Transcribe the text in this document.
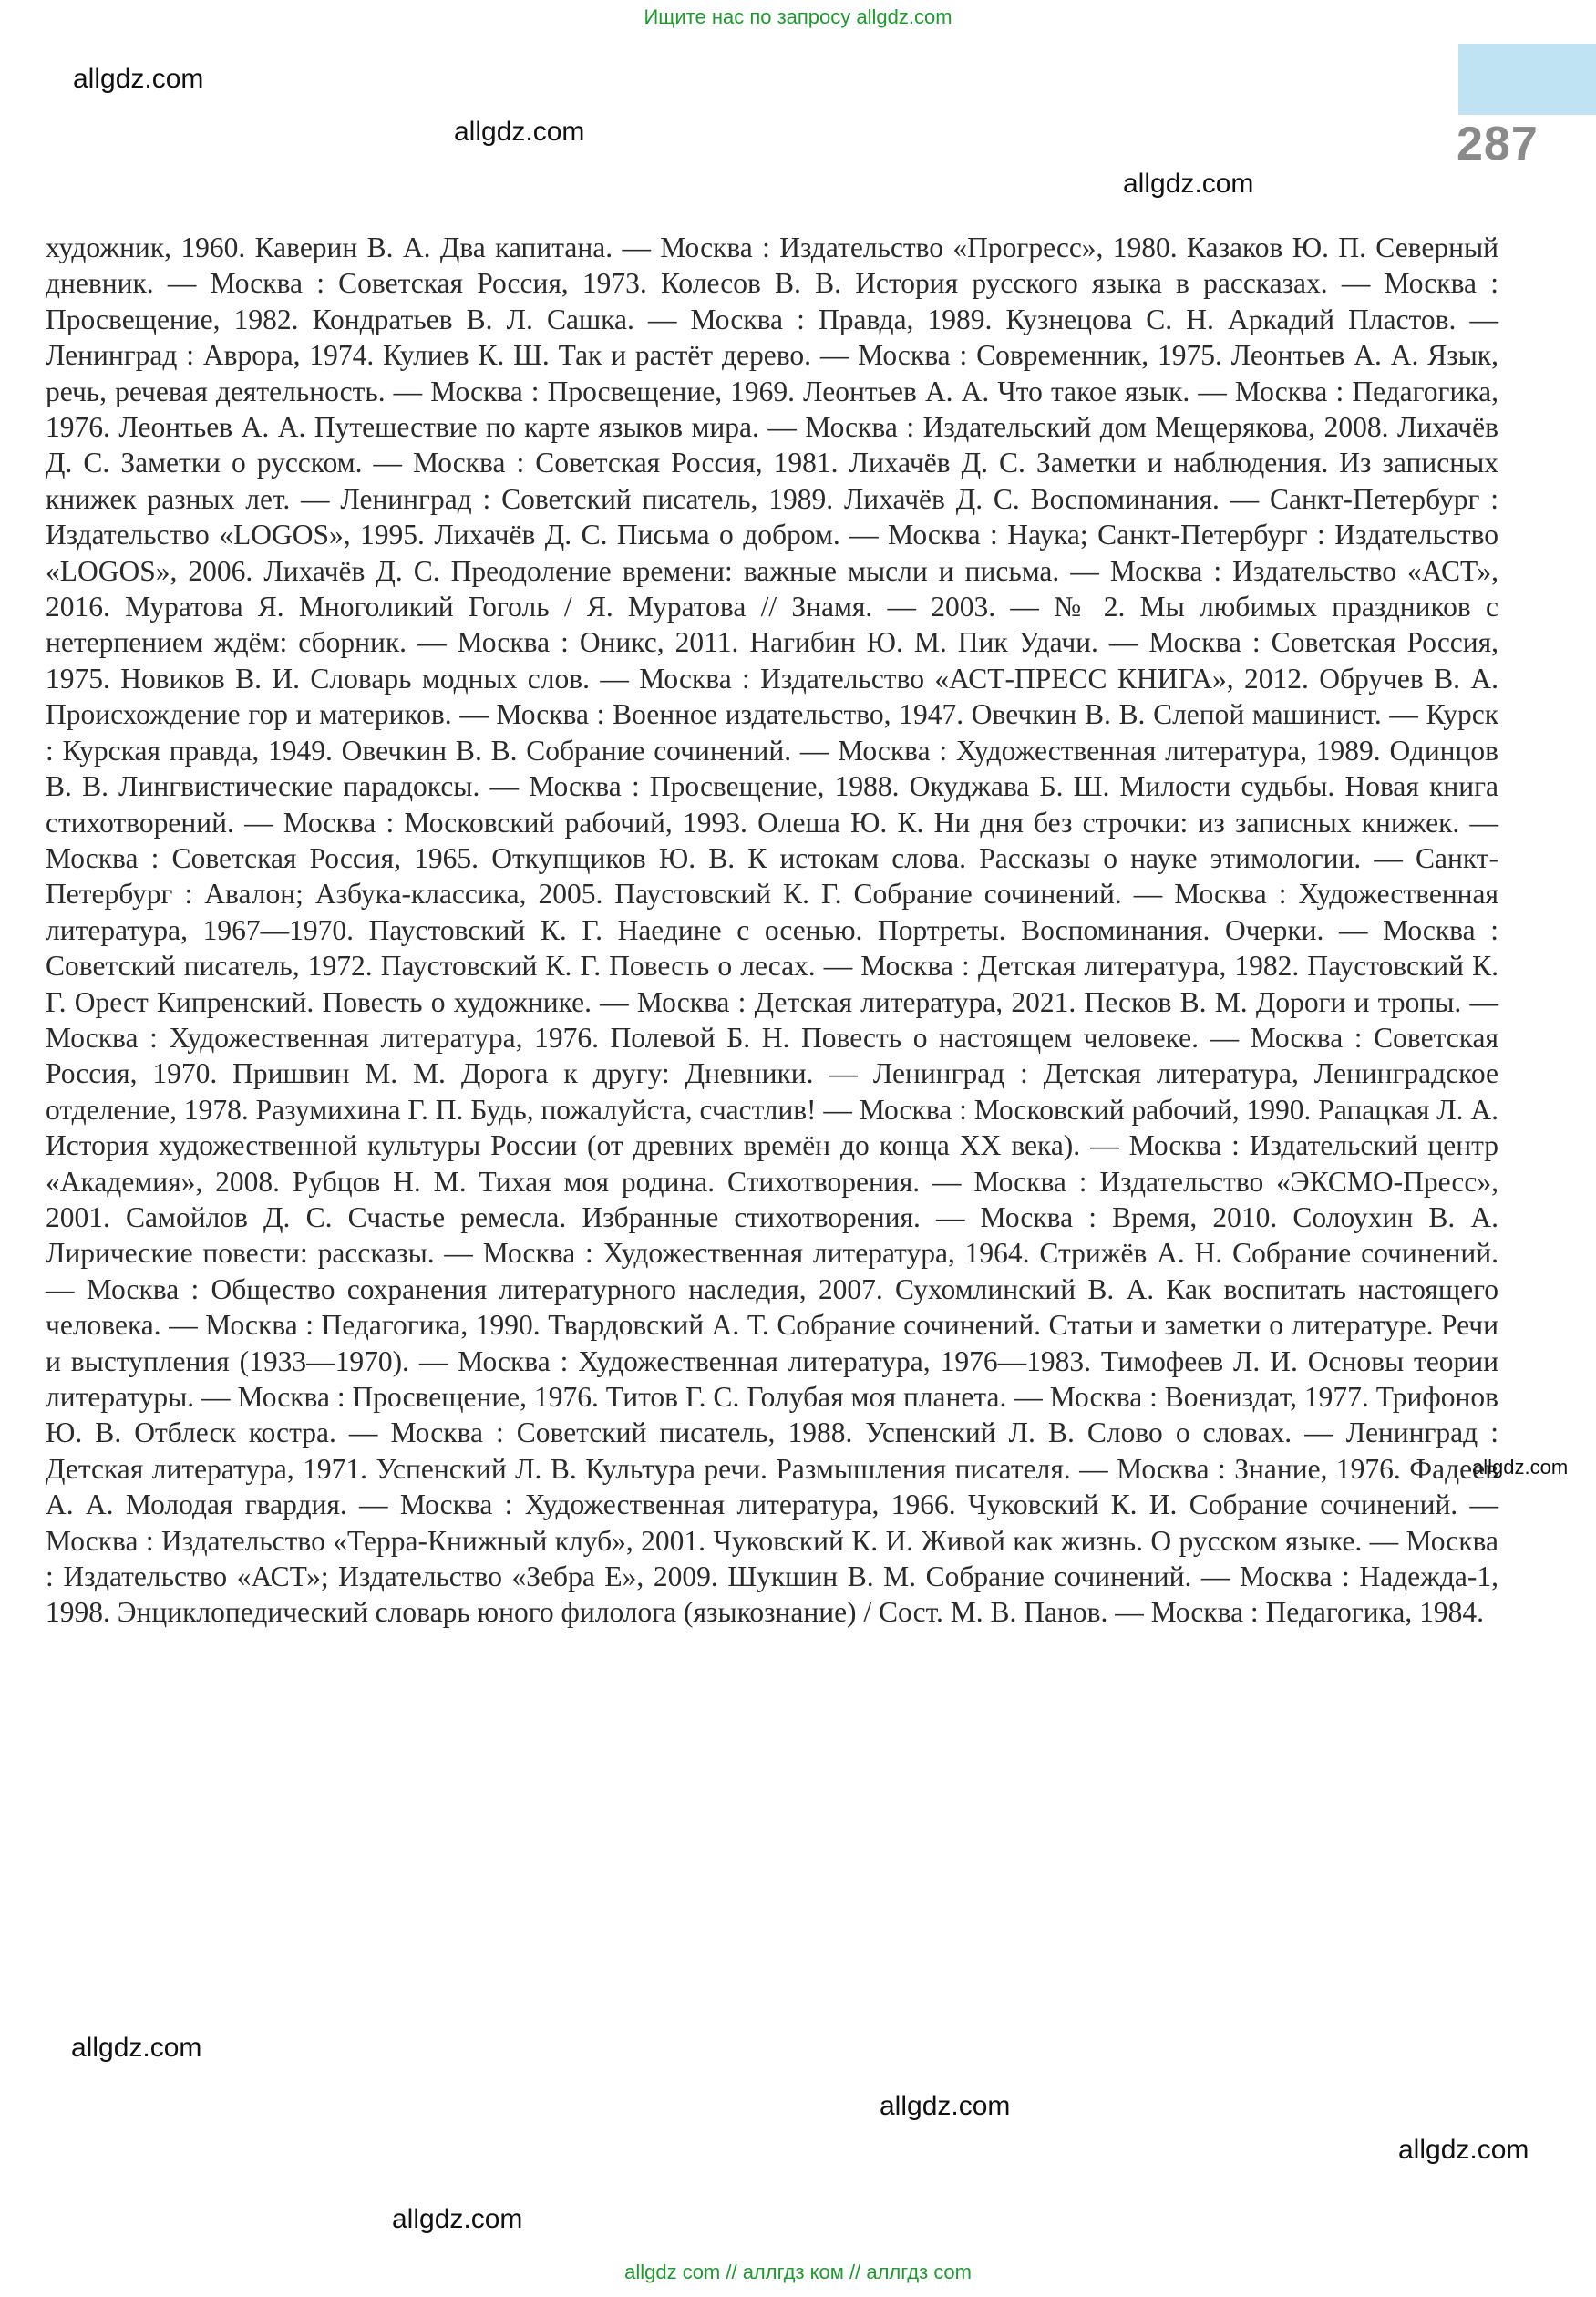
Ищите нас по запросу allgdz.com
287
allgdz.com
allgdz.com
allgdz.com
художник, 1960. Каверин В. А. Два капитана. — Москва : Издательство «Прогресс», 1980. Казаков Ю. П. Северный дневник. — Москва : Советская Россия, 1973. Колесов В. В. История русского языка в рассказах. — Москва : Просвещение, 1982. Кондратьев В. Л. Сашка. — Москва : Правда, 1989. Кузнецова С. Н. Аркадий Пластов. — Ленинград : Аврора, 1974. Кулиев К. Ш. Так и растёт дерево. — Москва : Современник, 1975. Леонтьев А. А. Язык, речь, речевая деятельность. — Москва : Просвещение, 1969. Леонтьев А. А. Что такое язык. — Москва : Педагогика, 1976. Леонтьев А. А. Путешествие по карте языков мира. — Москва : Издательский дом Мещерякова, 2008. Лихачёв Д. С. Заметки о русском. — Москва : Советская Россия, 1981. Лихачёв Д. С. Заметки и наблюдения. Из записных книжек разных лет. — Ленинград : Советский писатель, 1989. Лихачёв Д. С. Воспоминания. — Санкт-Петербург : Издательство «LOGOS», 1995. Лихачёв Д. С. Письма о добром. — Москва : Наука; Санкт-Петербург : Издательство «LOGOS», 2006. Лихачёв Д. С. Преодоление времени: важные мысли и письма. — Москва : Издательство «АСТ», 2016. Муратова Я. Многоликий Гоголь / Я. Муратова // Знамя. — 2003. — № 2. Мы любимых праздников с нетерпением ждём: сборник. — Москва : Оникс, 2011. Нагибин Ю. М. Пик Удачи. — Москва : Советская Россия, 1975. Новиков В. И. Словарь модных слов. — Москва : Издательство «АСТ-ПРЕСС КНИГА», 2012. Обручев В. А. Происхождение гор и материков. — Москва : Военное издательство, 1947. Овечкин В. В. Слепой машинист. — Курск : Курская правда, 1949. Овечкин В. В. Собрание сочинений. — Москва : Художественная литература, 1989. Одинцов В. В. Лингвистические парадоксы. — Москва : Просвещение, 1988. Окуджава Б. Ш. Милости судьбы. Новая книга стихотворений. — Москва : Московский рабочий, 1993. Олеша Ю. К. Ни дня без строчки: из записных книжек. — Москва : Советская Россия, 1965. Откупщиков Ю. В. К истокам слова. Рассказы о науке этимологии. — Санкт-Петербург : Авалон; Азбука-классика, 2005. Паустовский К. Г. Собрание сочинений. — Москва : Художественная литература, 1967—1970. Паустовский К. Г. Наедине с осенью. Портреты. Воспоминания. Очерки. — Москва : Советский писатель, 1972. Паустовский К. Г. Повесть о лесах. — Москва : Детская литература, 1982. Паустовский К. Г. Орест Кипренский. Повесть о художнике. — Москва : Детская литература, 2021. Песков В. М. Дороги и тропы. — Москва : Художественная литература, 1976. Полевой Б. Н. Повесть о настоящем человеке. — Москва : Советская Россия, 1970. Пришвин М. М. Дорога к другу: Дневники. — Ленинград : Детская литература, Ленинградское отделение, 1978. Разумихина Г. П. Будь, пожалуйста, счастлив! — Москва : Московский рабочий, 1990. Рапацкая Л. А. История художественной культуры России (от древних времён до конца XX века). — Москва : Издательский центр «Академия», 2008. Рубцов Н. М. Тихая моя родина. Стихотворения. — Москва : Издательство «ЭКСМО-Пресс», 2001. Самойлов Д. С. Счастье ремесла. Избранные стихотворения. — Москва : Время, 2010. Солоухин В. А. Лирические повести: рассказы. — Москва : Художественная литература, 1964. Стрижёв А. Н. Собрание сочинений. — Москва : Общество сохранения литературного наследия, 2007. Сухомлинский В. А. Как воспитать настоящего человека. — Москва : Педагогика, 1990. Твардовский А. Т. Собрание сочинений. Статьи и заметки о литературе. Речи и выступления (1933—1970). — Москва : Художественная литература, 1976—1983. Тимофеев Л. И. Основы теории литературы. — Москва : Просвещение, 1976. Титов Г. С. Голубая моя планета. — Москва : Воениздат, 1977. Трифонов Ю. В. Отблеск костра. — Москва : Советский писатель, 1988. Успенский Л. В. Слово о словах. — Ленинград : Детская литература, 1971. Успенский Л. В. Культура речи. Размышления писателя. — Москва : Знание, 1976. Фадеев А. А. Молодая гвардия. — Москва : Художественная литература, 1966. Чуковский К. И. Собрание сочинений. — Москва : Издательство «Терра-Книжный клуб», 2001. Чуковский К. И. Живой как жизнь. О русском языке. — Москва : Издательство «АСТ»; Издательство «Зебра Е», 2009. Шукшин В. М. Собрание сочинений. — Москва : Надежда-1, 1998. Энциклопедический словарь юного филолога (языкознание) / Сост. М. В. Панов. — Москва : Педагогика, 1984.
allgdz.com
allgdz.com
allgdz.com
allgdz.com
allgdz.com
allgdz com // аллгдз ком // аллгдз com
